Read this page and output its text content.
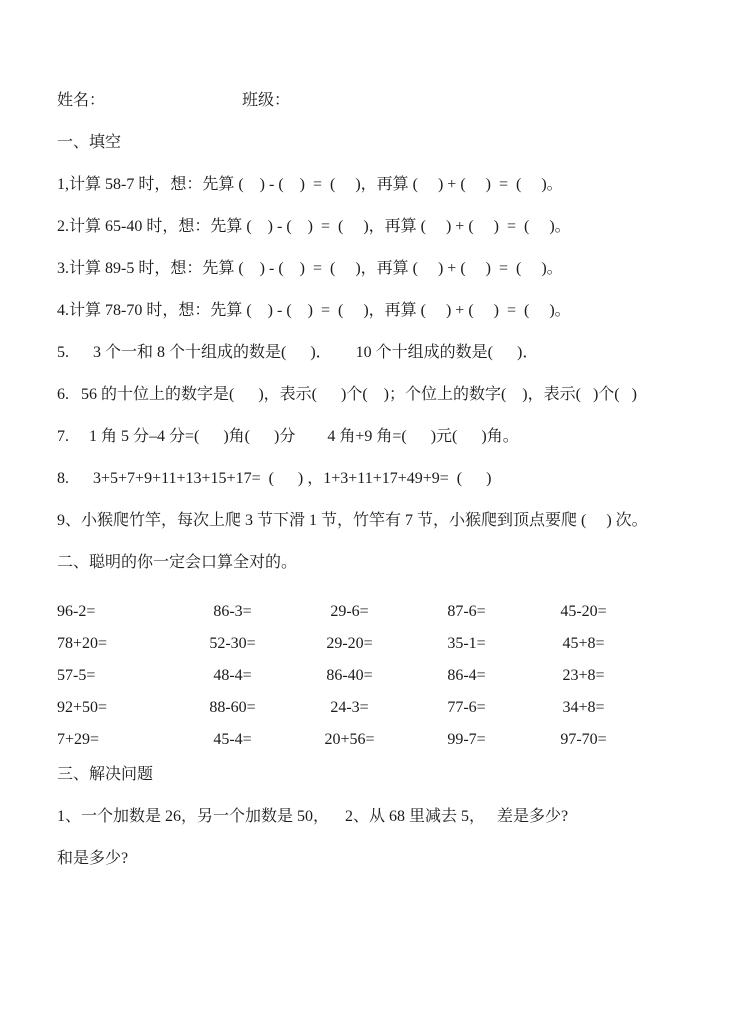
姓名：	班级：

一、填空

1,计算 58-7 时，想：先算 (    ) - (    )  =  (     )，再算 (     ) + (     )  =  (     )。

2.计算 65-40 时，想：先算 (    ) - (    )  =  (     )，再算 (     ) + (     )  =  (     )。

3.计算 89-5 时，想：先算 (    ) - (    )  =  (     )，再算 (     ) + (     )  =  (     )。

4.计算 78-70 时，想：先算 (    ) - (    )  =  (     )，再算 (     ) + (     )  =  (     )。

5.      3 个一和 8 个十组成的数是(      )．      10 个十组成的数是(      )．

6.   56 的十位上的数字是(      )，表示(      )个(    )；个位上的数字(    )，表示(   )个(   )

7.     1 角 5 分–4 分=(      )角(      )分        4 角+9 角=(      )元(      )角。

8.      3+5+7+9+11+13+15+17=  (      ) ，1+3+11+17+49+9=  (      )

9、小猴爬竹竿，每次上爬 3 节下滑 1 节，竹竿有 7 节，小猴爬到顶点要爬 (     ) 次。

二、聪明的你一定会口算全对的。

96-2=	86-3=	29-6=	87-6=	45-20=
78+20=	52-30=	29-20=	35-1=	45+8=
57-5=	48-4=	86-40=	86-4=	23+8=
92+50=	88-60=	24-3=	77-6=	34+8=
7+29=	45-4=	20+56=	99-7=	97-70=

三、解决问题

1、一个加数是 26，另一个加数是 50，    2、从 68 里减去 5，   差是多少?

和是多少?
